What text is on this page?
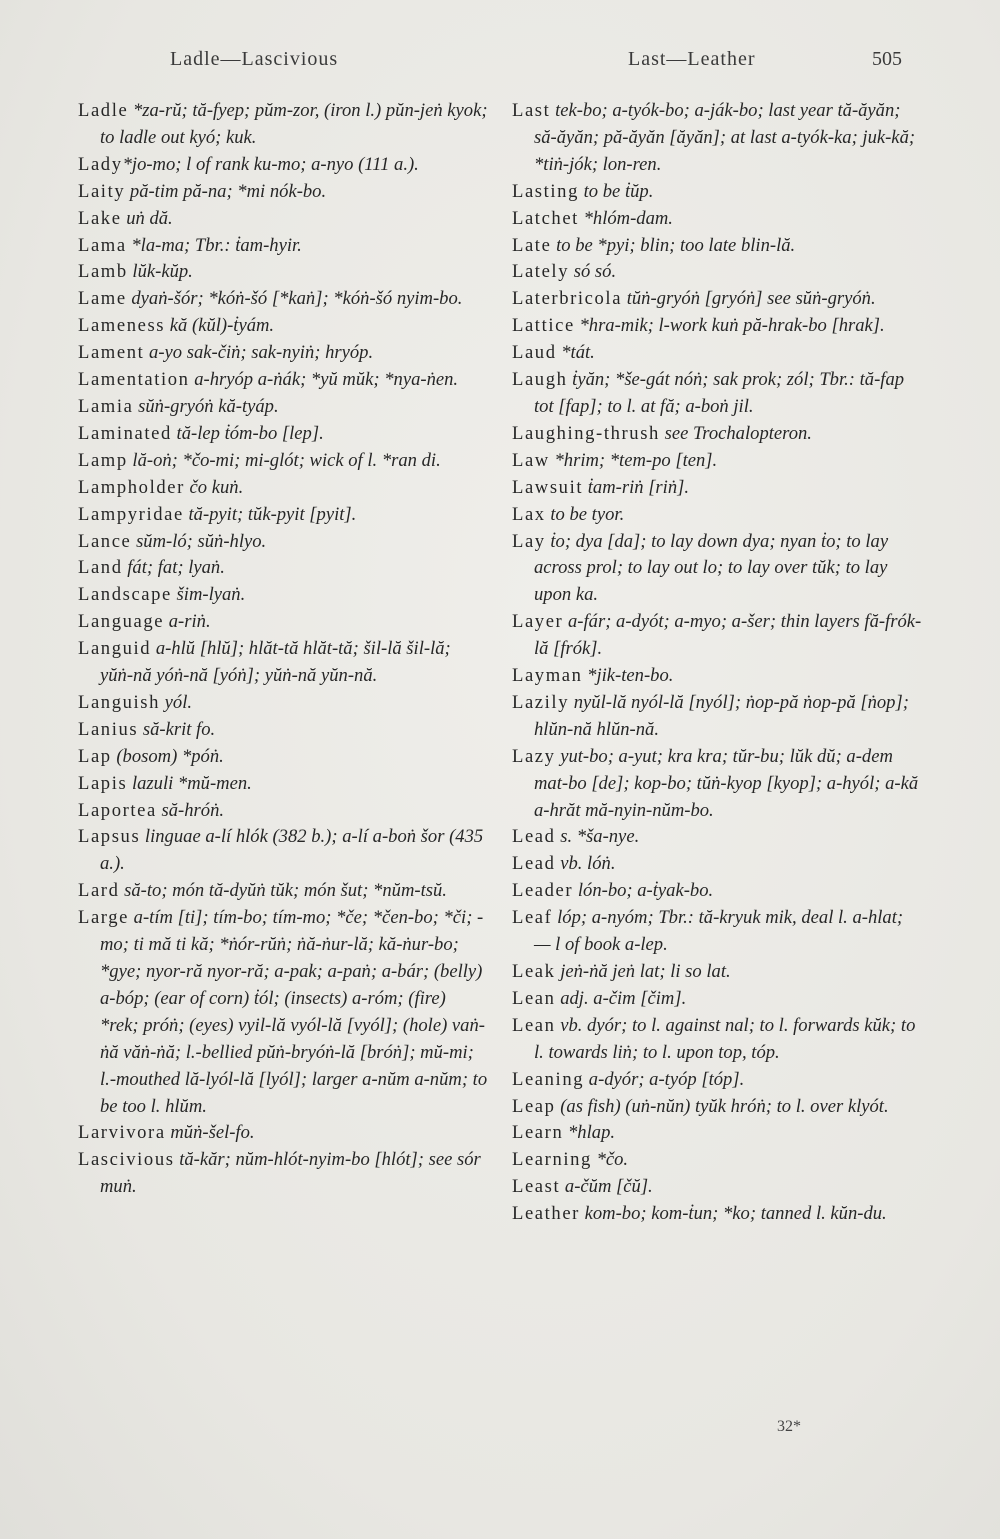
Ladle—Lascivious	Last—Leather	505

Ladle *za-rŭ; tă-fyep; pŭm-zor, (iron l.) pŭn-jeṅ kyok; to ladle out kyó; kuk.

Lady*jo-mo; l of rank ku-mo; a-nyo (111 a.).

Laity pă-tim pă-na; *mi nók-bo.

Lake uṅ dă.

Lama *la-ma; Tbr.: ṫam-hyir.

Lamb lŭk-kŭp.

Lame dyaṅ-šór; *kóṅ-šó [*kaṅ]; *kóṅ-šó nyim-bo.

Lameness kă (kŭl)-ṫyám.

Lament a-yo sak-čiṅ; sak-nyiṅ; hryóp.

Lamentation a-hryóp a-ṅák; *yŭ mŭk; *nya-ṅen.

Lamia sŭṅ-gryóṅ kă-tyáp.

Laminated tă-lep ṫóm-bo [lep].

Lamp lă-oṅ; *čo-mi; mi-glót; wick of l. *ran di.

Lampholder čo kuṅ.

Lampyridae tă-pyit; tŭk-pyit [pyit].

Lance sŭm-ló; sŭṅ-hlyo.

Land fát; fat; lyaṅ.

Landscape šim-lyaṅ.

Language a-riṅ.

Languid a-hlŭ [hlŭ]; hlăt-tă hlăt-tă; šil-lă šil-lă; yŭṅ-nă yóṅ-nă [yóṅ]; yŭṅ-nă yŭn-nă.

Languish yól.

Lanius să-krit fo.

Lap (bosom) *póṅ.

Lapis lazuli *mŭ-men.

Laportea să-hróṅ.

Lapsus linguae a-lí hlók (382 b.); a-lí a-boṅ šor (435 a.).

Lard să-to; món tă-dyŭṅ tŭk; món šut; *nŭm-tsŭ.

Large a-tím [ti]; tím-bo; tím-mo; *če; *čen-bo; *či; -mo; ti mă ti kă; *ṅór-rŭṅ; ṅă-ṅur-lă; kă-ṅur-bo; *gye; nyor-ră nyor-ră; a-pak; a-paṅ; a-bár; (belly) a-bóp; (ear of corn) ṫól; (insects) a-róm; (fire) *rek; próṅ; (eyes) vyil-lă vyól-lă [vyól]; (hole) vaṅ-ṅă văṅ-ṅă; l.-bellied pŭṅ-bryóṅ-lă [bróṅ]; mŭ-mi; l.-mouthed lă-lyól-lă [lyól]; larger a-nŭm a-nŭm; to be too l. hlŭm.

Larvivora mŭṅ-šel-fo.

Lascivious tă-kăr; nŭm-hlót-nyim-bo [hlót]; see sór muṅ.

Last tek-bo; a-tyók-bo; a-ják-bo; last year tă-ăyăn; să-ăyăn; pă-ăyăn [ăyăn]; at last a-tyók-ka; juk-kă; *tiṅ-jók; lon-ren.

Lasting to be ṫŭp.

Latchet *hlóm-dam.

Late to be *pyi; blin; too late blin-lă.

Lately só só.

Laterbricola tŭṅ-gryóṅ [gryóṅ] see sŭṅ-gryóṅ.

Lattice *hra-mik; l-work kuṅ pă-hrak-bo [hrak].

Laud *tát.

Laugh ṫyăn; *še-gát nóṅ; sak prok; zól; Tbr.: tă-fap tot [fap]; to l. at fă; a-boṅ jil.

Laughing-thrush see Trochalopteron.

Law *hrim; *tem-po [ten].

Lawsuit ṫam-riṅ [riṅ].

Lax to be tyor.

Lay ṫo; dya [da]; to lay down dya; nyan ṫo; to lay across prol; to lay out lo; to lay over tŭk; to lay upon ka.

Layer a-fár; a-dyót; a-myo; a-šer; thin layers fă-frók-lă [frók].

Layman *jik-ten-bo.

Lazily nyŭl-lă nyól-lă [nyól]; ṅop-pă ṅop-pă [ṅop]; hlŭn-nă hlŭn-nă.

Lazy yut-bo; a-yut; kra kra; tŭr-bu; lŭk dŭ; a-dem mat-bo [de]; kop-bo; tŭṅ-kyop [kyop]; a-hyól; a-kă a-hrăt mă-nyin-nŭm-bo.

Lead s. *ša-nye.

Lead vb. lóṅ.

Leader lón-bo; a-ṫyak-bo.

Leaf lóp; a-nyóm; Tbr.: tă-kryuk mik, deal l. a-hlat; — l of book a-lep.

Leak jeṅ-ṅă jeṅ lat; li so lat.

Lean adj. a-čim [čim].

Lean vb. dyór; to l. against nal; to l. forwards kŭk; to l. towards liṅ; to l. upon top, tóp.

Leaning a-dyór; a-tyóp [tóp].

Leap (as fish) (uṅ-nŭn) tyŭk hróṅ; to l. over klyót.

Learn *hlap.

Learning *čo.

Least a-čŭm [čŭ].

Leather kom-bo; kom-ṫun; *ko; tanned l. kŭn-du.

32*
